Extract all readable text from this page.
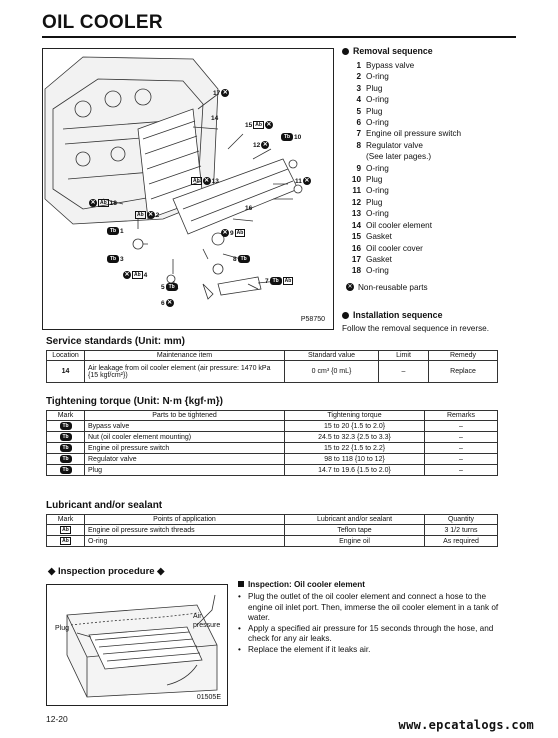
OIL COOLER
17 ✕
14
15 Ab ✕
12 ✕
Tb 10
11 ✕
Ab ✕ 13
✕ Ab 18
16
Ab ✕ 2
Tb 1	✕ 9 Ab
Tb 3
✕ Ab 4
8 Tb
5 Tb
6 ✕
7 Tb	Ab
P58750
Removal sequence
1 Bypass valve
2 O-ring
3 Plug
4 O-ring
5 Plug
6 O-ring
7 Engine oil pressure switch
8 Regulator valve
(See later pages.)
9 O-ring
10 Plug
11 O-ring
12 Plug
13 O-ring
14 Oil cooler element
15 Gasket
16 Oil cooler cover
17 Gasket
18 O-ring
✕ Non-reusable parts
Installation sequence
Follow the removal sequence in reverse.
Service standards (Unit: mm)
Location	Maintenance item	Standard value	Limit	Remedy
14	Air leakage from oil cooler element (air pressure: 1470 kPa {15 kgf/cm²})	0 cm³ {0 mL}	–	Replace
Tightening torque (Unit: N·m {kgf·m})
Mark	Parts to be tightened	Tightening torque	Remarks
Tb	Bypass valve	15 to 20 {1.5 to 2.0}	–
Tb	Nut (oil cooler element mounting)	24.5 to 32.3 {2.5 to 3.3}	–
Tb	Engine oil pressure switch	15 to 22 {1.5 to 2.2}	–
Tb	Regulator valve	98 to 118 {10 to 12}	–
Tb	Plug	14.7 to 19.6 {1.5 to 2.0}	–
Lubricant and/or sealant
Mark	Points of application	Lubricant and/or sealant	Quantity
Ab	Engine oil pressure switch threads	Teflon tape	3 1/2 turns
Ab	O-ring	Engine oil	As required
◆ Inspection procedure ◆
Plug
Air
pressure
01505E
Inspection: Oil cooler element
• Plug the outlet of the oil cooler element and connect a hose to the engine oil inlet port. Then, immerse the oil cooler element in a tank of water.
• Apply a specified air pressure for 15 seconds through the hose, and check for any air leaks.
• Replace the element if it leaks air.
12-20	www.epcatalogs.com
